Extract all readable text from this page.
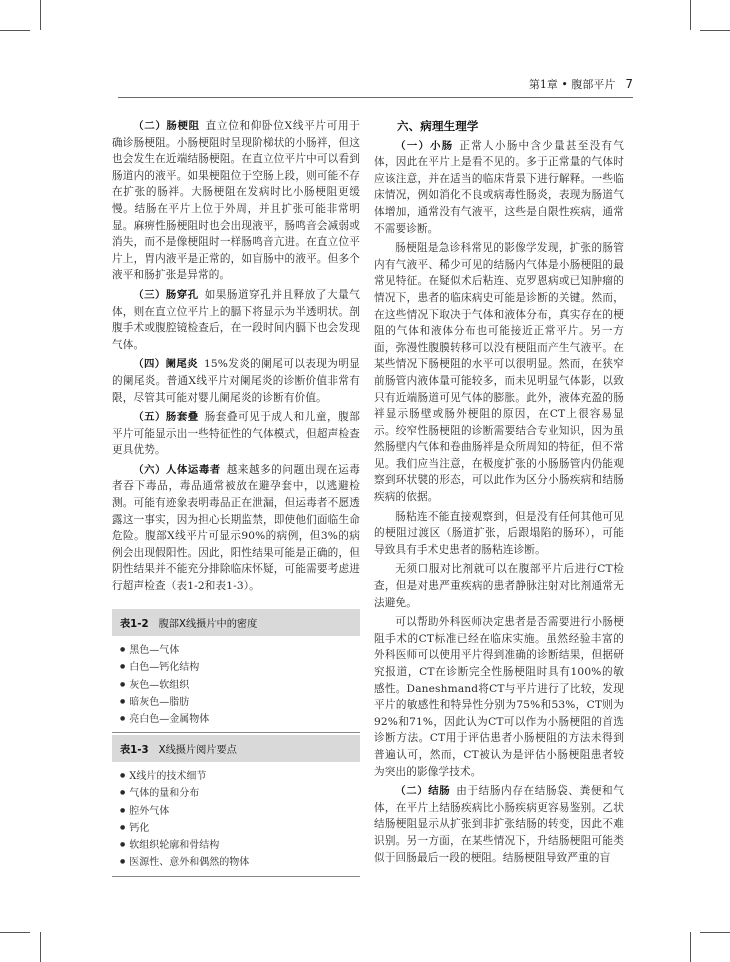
第1章 • 腹部平片 7

（二）肠梗阻 直立位和仰卧位X线平片可用于确诊肠梗阻。小肠梗阻时呈现阶梯状的小肠袢，但这也会发生在近端结肠梗阻。在直立位平片中可以看到肠道内的液平。如果梗阻位于空肠上段，则可能不存在扩张的肠袢。大肠梗阻在发病时比小肠梗阻更缓慢。结肠在平片上位于外周，并且扩张可能非常明显。麻痹性肠梗阻时也会出现液平，肠鸣音会减弱或消失，而不是像梗阻时一样肠鸣音亢进。在直立位平片上，胃内液平是正常的，如盲肠中的液平。但多个液平和肠扩张是异常的。

（三）肠穿孔 如果肠道穿孔并且释放了大量气体，则在直立位平片上的膈下将显示为半透明状。剖腹手术或腹腔镜检查后，在一段时间内膈下也会发现气体。

（四）阑尾炎 15%发炎的阑尾可以表现为明显的阑尾炎。普通X线平片对阑尾炎的诊断价值非常有限，尽管其可能对婴儿阑尾炎的诊断有价值。

（五）肠套叠 肠套叠可见于成人和儿童，腹部平片可能显示出一些特征性的气体模式，但超声检查更具优势。

（六）人体运毒者 越来越多的问题出现在运毒者吞下毒品，毒品通常被放在避孕套中，以逃避检测。可能有迹象表明毒品正在泄漏，但运毒者不愿透露这一事实，因为担心长期监禁，即使他们面临生命危险。腹部X线平片可显示90%的病例，但3%的病例会出现假阳性。因此，阳性结果可能是正确的，但阴性结果并不能充分排除临床怀疑，可能需要考虑进行超声检查（表1-2和表1-3）。

表1-2 腹部X线摄片中的密度
● 黑色—气体
● 白色—钙化结构
● 灰色—软组织
● 暗灰色—脂肪
● 亮白色—金属物体
表1-3 X线摄片阅片要点
● X线片的技术细节
● 气体的量和分布
● 腔外气体
● 钙化
● 软组织轮廓和骨结构
● 医源性、意外和偶然的物体

六、病理生理学

（一）小肠 正常人小肠中含少量甚至没有气体，因此在平片上是看不见的。多于正常量的气体时应该注意，并在适当的临床背景下进行解释。一些临床情况，例如消化不良或病毒性肠炎，表现为肠道气体增加，通常没有气液平，这些是自限性疾病，通常不需要诊断。

肠梗阻是急诊科常见的影像学发现，扩张的肠管内有气液平、稀少可见的结肠内气体是小肠梗阻的最常见特征。在疑似术后粘连、克罗恩病或已知肿瘤的情况下，患者的临床病史可能是诊断的关键。然而，在这些情况下取决于气体和液体分布，真实存在的梗阻的气体和液体分布也可能接近正常平片。另一方面，弥漫性腹膜转移可以没有梗阻而产生气液平。在某些情况下肠梗阻的水平可以很明显。然而，在狭窄前肠管内液体量可能较多，而未见明显气体影，以致只有近端肠道可见气体的膨胀。此外，液体充盈的肠袢显示肠壁或肠外梗阻的原因，在CT上很容易显示。绞窄性肠梗阻的诊断需要结合专业知识，因为虽然肠壁内气体和卷曲肠袢是众所周知的特征，但不常见。我们应当注意，在极度扩张的小肠肠管内仍能观察到环状襞的形态，可以此作为区分小肠疾病和结肠疾病的依据。

肠粘连不能直接观察到，但是没有任何其他可见的梗阻过渡区（肠道扩张，后跟塌陷的肠环），可能导致具有手术史患者的肠粘连诊断。

无须口服对比剂就可以在腹部平片后进行CT检查，但是对患严重疾病的患者静脉注射对比剂通常无法避免。

可以帮助外科医师决定患者是否需要进行小肠梗阻手术的CT标准已经在临床实施。虽然经验丰富的外科医师可以使用平片得到准确的诊断结果，但据研究报道，CT在诊断完全性肠梗阻时具有100%的敏感性。Daneshmand将CT与平片进行了比较，发现平片的敏感性和特异性分别为75%和53%，CT则为92%和71%，因此认为CT可以作为小肠梗阻的首选诊断方法。CT用于评估患者小肠梗阻的方法未得到普遍认可，然而，CT被认为是评估小肠梗阻患者较为突出的影像学技术。

（二）结肠 由于结肠内存在结肠袋、粪便和气体，在平片上结肠疾病比小肠疾病更容易鉴别。乙状结肠梗阻显示从扩张到非扩张结肠的转变，因此不难识别。另一方面，在某些情况下，升结肠梗阻可能类似于回肠最后一段的梗阻。结肠梗阻导致严重的盲
